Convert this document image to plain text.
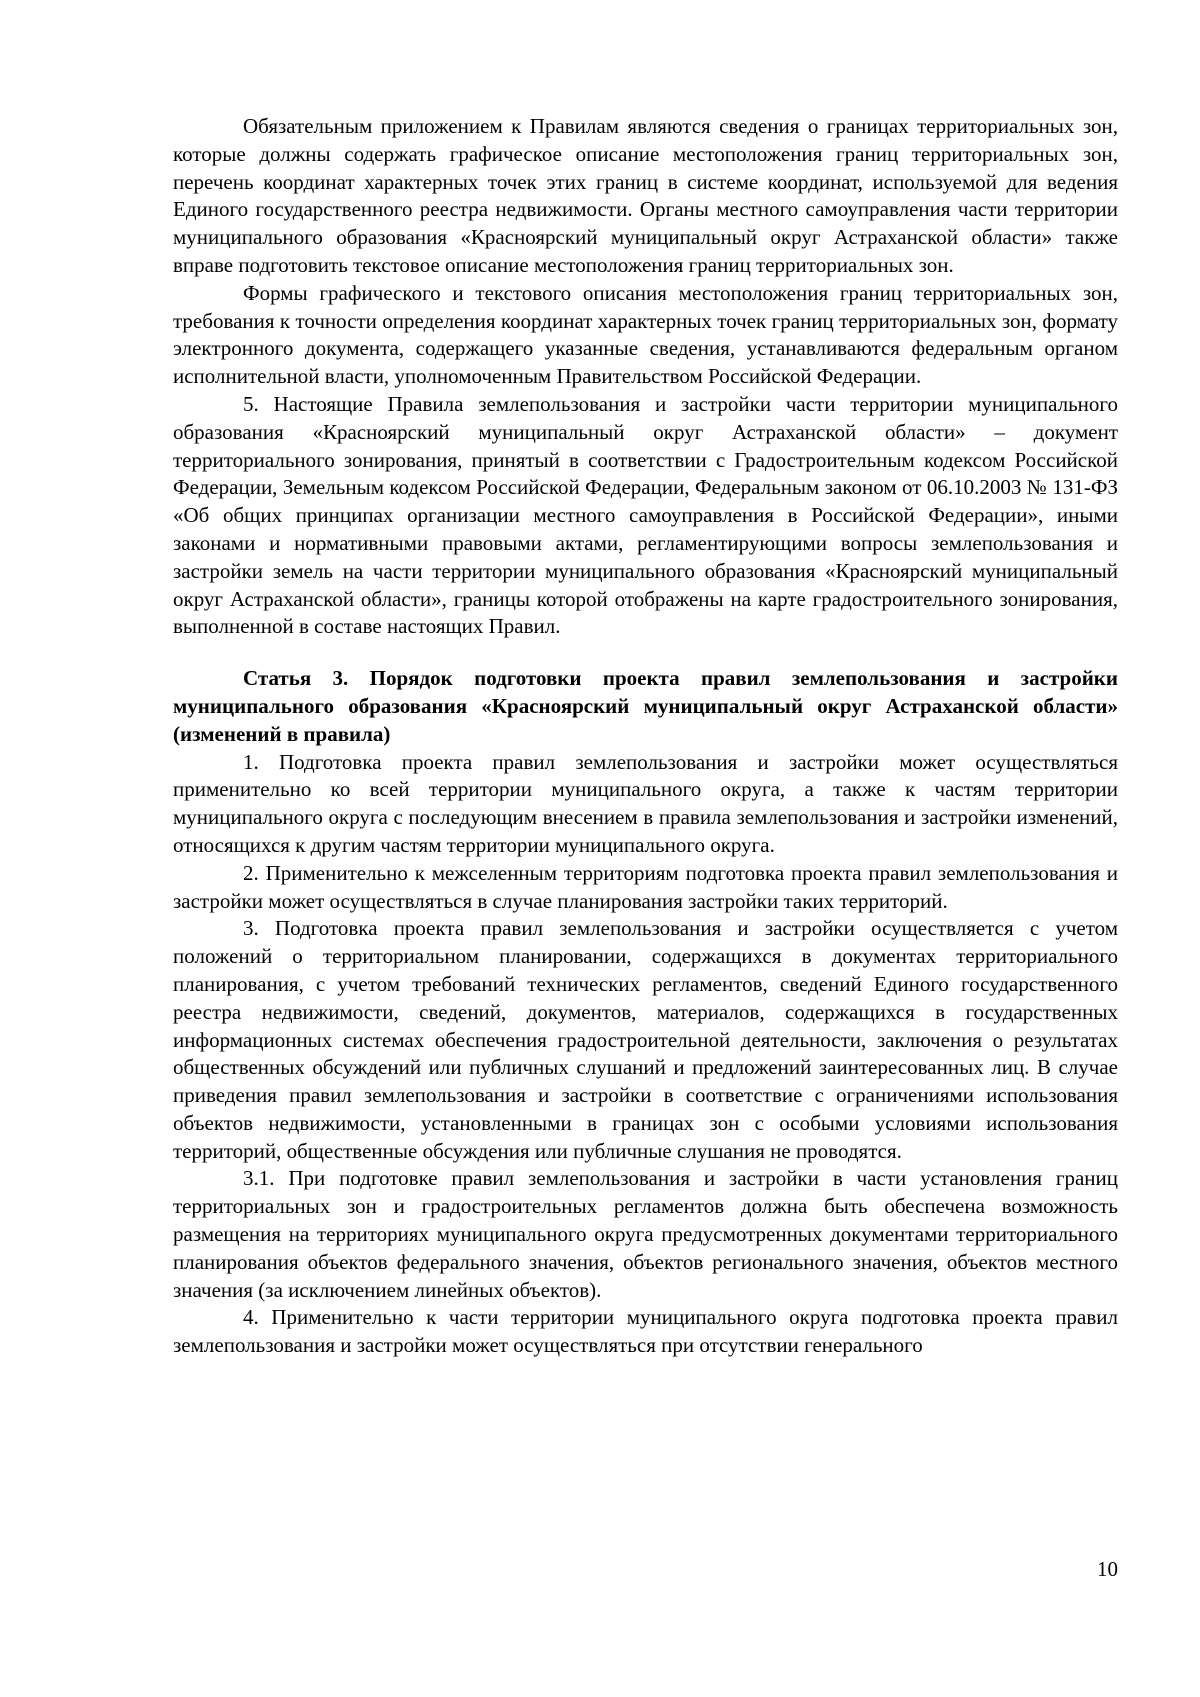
Обязательным приложением к Правилам являются сведения о границах территориальных зон, которые должны содержать графическое описание местоположения границ территориальных зон, перечень координат характерных точек этих границ в системе координат, используемой для ведения Единого государственного реестра недвижимости. Органы местного самоуправления части территории муниципального образования «Красноярский муниципальный округ Астраханской области» также вправе подготовить текстовое описание местоположения границ территориальных зон.

Формы графического и текстового описания местоположения границ территориальных зон, требования к точности определения координат характерных точек границ территориальных зон, формату электронного документа, содержащего указанные сведения, устанавливаются федеральным органом исполнительной власти, уполномоченным Правительством Российской Федерации.

5. Настоящие Правила землепользования и застройки части территории муниципального образования «Красноярский муниципальный округ Астраханской области» – документ территориального зонирования, принятый в соответствии с Градостроительным кодексом Российской Федерации, Земельным кодексом Российской Федерации, Федеральным законом от 06.10.2003 № 131-ФЗ «Об общих принципах организации местного самоуправления в Российской Федерации», иными законами и нормативными правовыми актами, регламентирующими вопросы землепользования и застройки земель на части территории муниципального образования «Красноярский муниципальный округ Астраханской области», границы которой отображены на карте градостроительного зонирования, выполненной в составе настоящих Правил.

Статья 3. Порядок подготовки проекта правил землепользования и застройки муниципального образования «Красноярский муниципальный округ Астраханской области» (изменений в правила)

1. Подготовка проекта правил землепользования и застройки может осуществляться применительно ко всей территории муниципального округа, а также к частям территории муниципального округа с последующим внесением в правила землепользования и застройки изменений, относящихся к другим частям территории муниципального округа.

2. Применительно к межселенным территориям подготовка проекта правил землепользования и застройки может осуществляться в случае планирования застройки таких территорий.

3. Подготовка проекта правил землепользования и застройки осуществляется с учетом положений о территориальном планировании, содержащихся в документах территориального планирования, с учетом требований технических регламентов, сведений Единого государственного реестра недвижимости, сведений, документов, материалов, содержащихся в государственных информационных системах обеспечения градостроительной деятельности, заключения о результатах общественных обсуждений или публичных слушаний и предложений заинтересованных лиц. В случае приведения правил землепользования и застройки в соответствие с ограничениями использования объектов недвижимости, установленными в границах зон с особыми условиями использования территорий, общественные обсуждения или публичные слушания не проводятся.

3.1. При подготовке правил землепользования и застройки в части установления границ территориальных зон и градостроительных регламентов должна быть обеспечена возможность размещения на территориях муниципального округа предусмотренных документами территориального планирования объектов федерального значения, объектов регионального значения, объектов местного значения (за исключением линейных объектов).

4. Применительно к части территории муниципального округа подготовка проекта правил землепользования и застройки может осуществляться при отсутствии генерального

10
